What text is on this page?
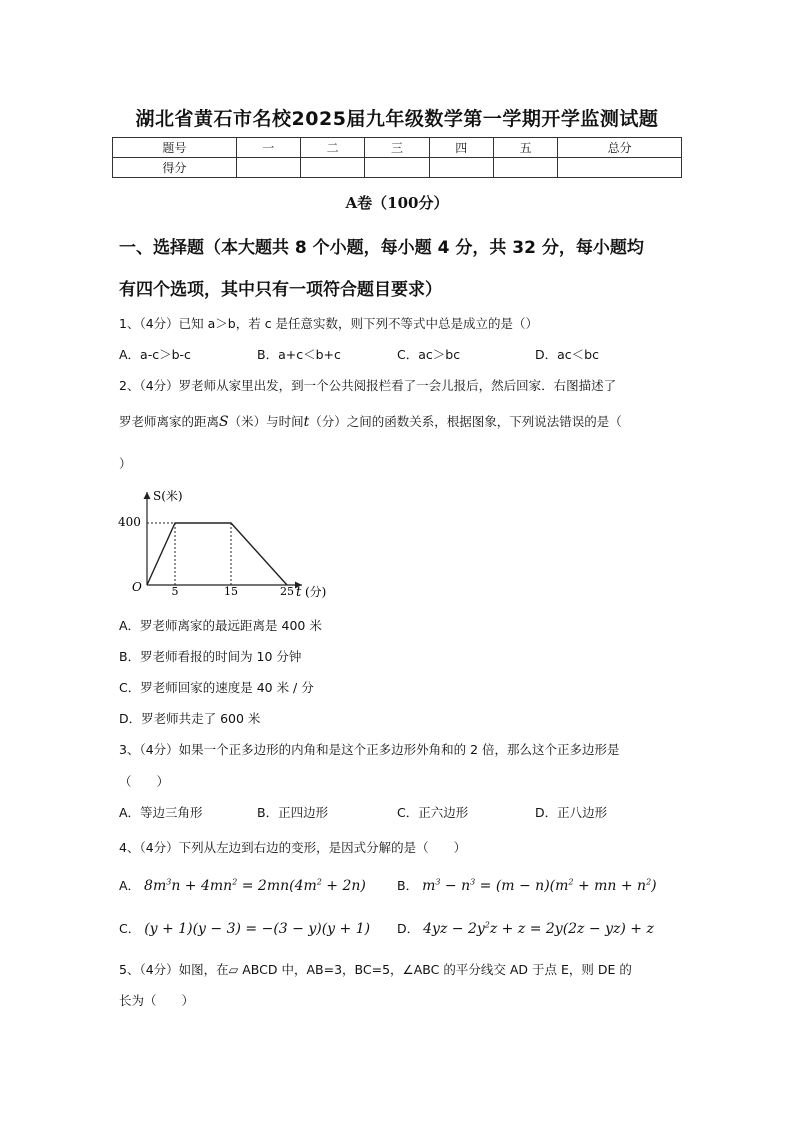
湖北省黄石市名校2025届九年级数学第一学期开学监测试题
题号	一	二	三	四	五	总分
得分						
A卷（100分）
一、选择题（本大题共 8 个小题，每小题 4 分，共 32 分，每小题均
有四个选项，其中只有一项符合题目要求）
1、（4分）已知 a＞b，若 c 是任意实数，则下列不等式中总是成立的是（）
A．a-c＞b-c	B．a+c＜b+c	C．ac＞bc	D．ac＜bc
2、（4分）罗老师从家里出发，到一个公共阅报栏看了一会儿报后，然后回家．右图描述了
罗老师离家的距离S（米）与时间t（分）之间的函数关系，根据图象，下列说法错误的是（
）
S(米)
400
O	5	15	25 t (分)
A．罗老师离家的最远距离是 400 米
B．罗老师看报的时间为 10 分钟
C．罗老师回家的速度是 40 米 / 分
D．罗老师共走了 600 米
3、（4分）如果一个正多边形的内角和是这个正多边形外角和的 2 倍，那么这个正多边形是
（　　）
A．等边三角形	B．正四边形	C．正六边形	D．正八边形
4、（4分）下列从左边到右边的变形，是因式分解的是（　　）
A． $8m^3n + 4mn^2 = 2mn(4m^2 + 2n)$ B． $m^3 - n^3 = (m - n)(m^2$ + mn + $n^2$)
C． (y + 1)(y − 3) = −(3 − y)(y + 1) D． $4yz - 2y^2z + z = 2y(2z - yz) + z$
5、（4分）如图，在▱ ABCD 中，AB=3，BC=5，∠ABC 的平分线交 AD 于点 E，则 DE 的
长为（　　）
